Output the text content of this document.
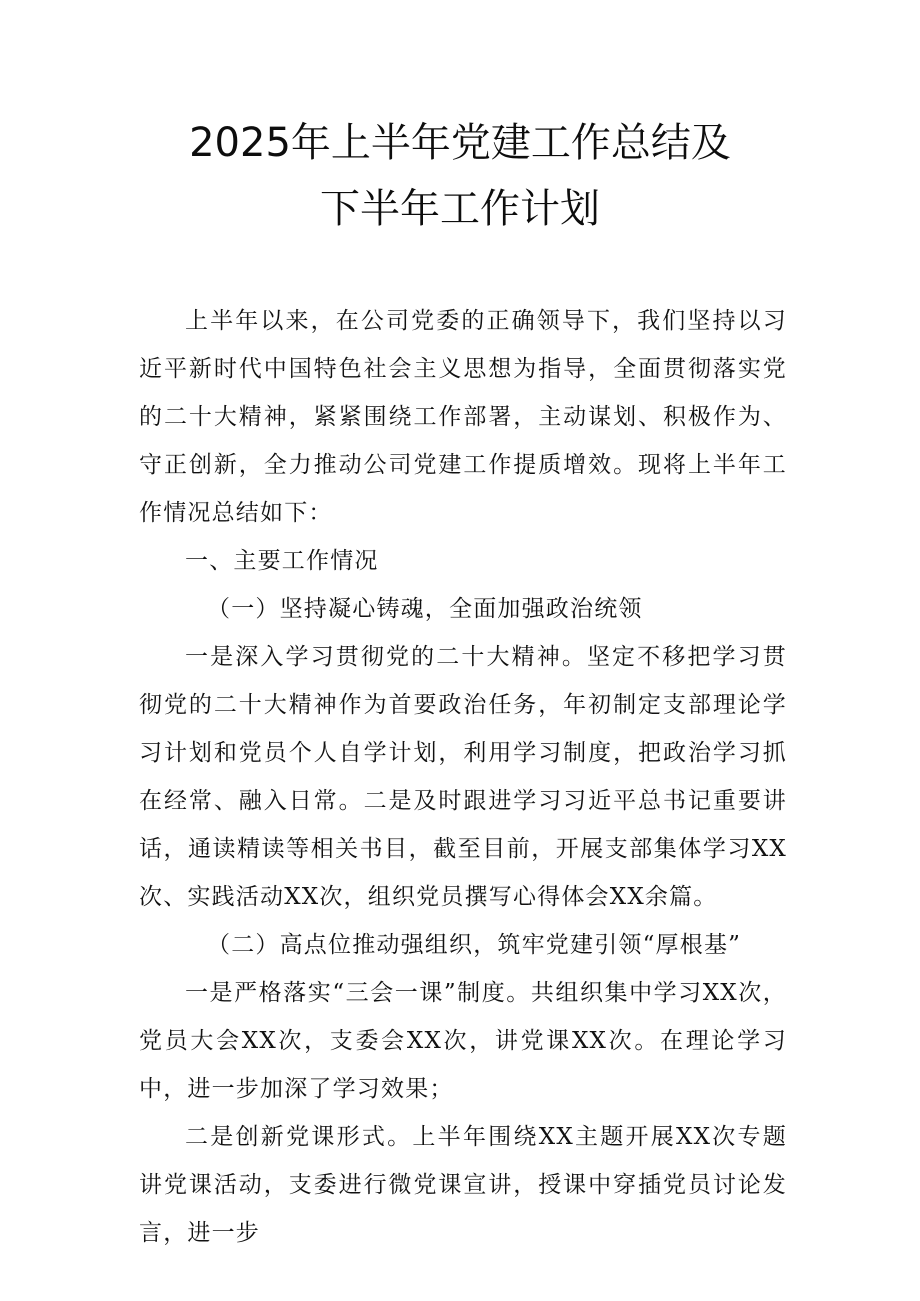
2025年上半年党建工作总结及
下半年工作计划

上半年以来，在公司党委的正确领导下，我们坚持以习近平新时代中国特色社会主义思想为指导，全面贯彻落实党的二十大精神，紧紧围绕工作部署，主动谋划、积极作为、守正创新，全力推动公司党建工作提质增效。现将上半年工作情况总结如下：

一、主要工作情况

（一）坚持凝心铸魂，全面加强政治统领

一是深入学习贯彻党的二十大精神。坚定不移把学习贯彻党的二十大精神作为首要政治任务，年初制定支部理论学习计划和党员个人自学计划，利用学习制度，把政治学习抓在经常、融入日常。二是及时跟进学习习近平总书记重要讲话，通读精读等相关书目，截至目前，开展支部集体学习XX次、实践活动XX次，组织党员撰写心得体会XX余篇。

（二）高点位推动强组织，筑牢党建引领“厚根基”

一是严格落实“三会一课”制度。共组织集中学习XX次，党员大会XX次，支委会XX次，讲党课XX次。在理论学习中，进一步加深了学习效果；

二是创新党课形式。上半年围绕XX主题开展XX次专题讲党课活动，支委进行微党课宣讲，授课中穿插党员讨论发言，进一步
